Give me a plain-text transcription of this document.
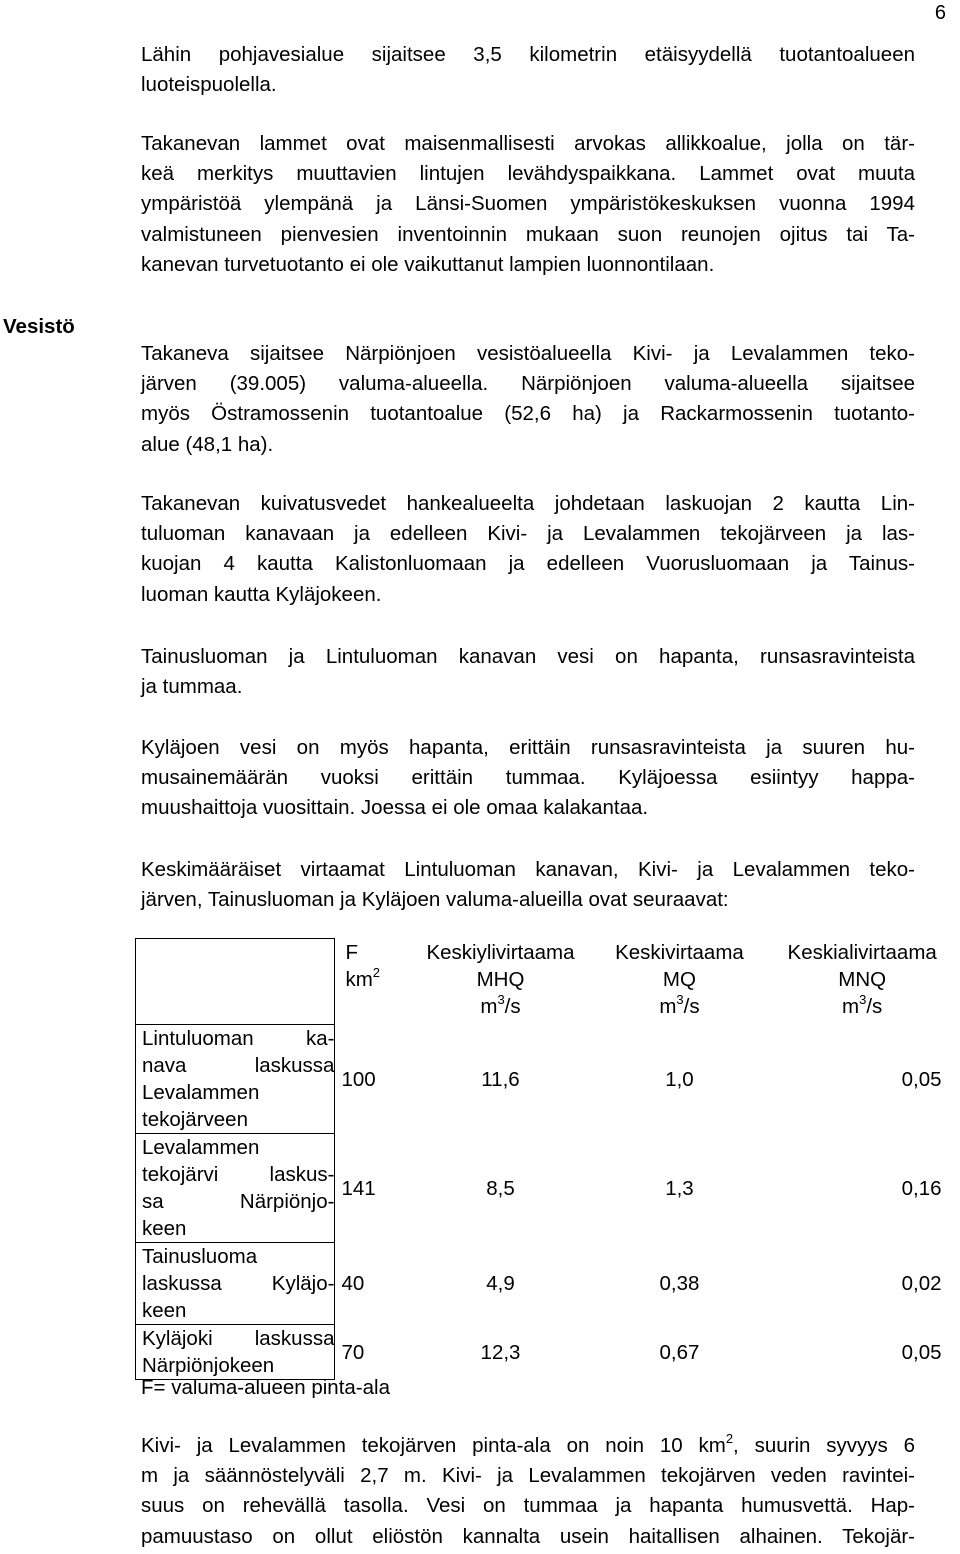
6
Vesistö

Lähin pohjavesialue sijaitsee 3,5 kilometrin etäisyydellä tuotantoalueen
luoteispuolella.

Takanevan lammet ovat maisenmallisesti arvokas allikkoalue, jolla on tär-
keä merkitys muuttavien lintujen levähdyspaikkana. Lammet ovat muuta
ympäristöä ylempänä ja Länsi-Suomen ympäristökeskuksen vuonna 1994
valmistuneen pienvesien inventoinnin mukaan suon reunojen ojitus tai Ta-
kanevan turvetuotanto ei ole vaikuttanut lampien luonnontilaan.

Takaneva sijaitsee Närpiönjoen vesistöalueella Kivi- ja Levalammen teko-
järven (39.005) valuma-alueella. Närpiönjoen valuma-alueella sijaitsee
myös Östramossenin tuotantoalue (52,6 ha) ja Rackarmossenin tuotanto-
alue (48,1 ha).

Takanevan kuivatusvedet hankealueelta johdetaan laskuojan 2 kautta Lin-
tuluoman kanavaan ja edelleen Kivi- ja Levalammen tekojärveen ja las-
kuojan 4 kautta Kalistonluomaan ja edelleen Vuorusluomaan ja Tainus-
luoman kautta Kyläjokeen.

Tainusluoman ja Lintuluoman kanavan vesi on hapanta, runsasravinteista
ja tummaa.

Kyläjoen vesi on myös hapanta, erittäin runsasravinteista ja suuren hu-
musainemäärän vuoksi erittäin tummaa. Kyläjoessa esiintyy happa-
muushaittoja vuosittain. Joessa ei ole omaa kalakantaa.

Keskimääräiset virtaamat Lintuluoman kanavan, Kivi- ja Levalammen teko-
järven, Tainusluoman ja Kyläjoen valuma-alueilla ovat seuraavat:

	F
$km^2$	Keskiylivirtaama
MHQ
$m^3/s$	Keskivirtaama
MQ
$m^3/s$	Keskialivirtaama
MNQ
$m^3/s$

Lintuluoman ka-
nava laskussa
Levalammen
tekojärveen	100	11,6	1,0	0,05

Levalammen
tekojärvi laskus-
sa Närpiönjo-
keen	141	8,5	1,3	0,16

Tainusluoma
laskussa Kyläjo-
keen	40	4,9	0,38	0,02

Kyläjoki laskussa
Närpiönjokeen	70	12,3	0,67	0,05
F= valuma-alueen pinta-ala

Kivi- ja Levalammen tekojärven pinta-ala on noin 10 $km^2$, suurin syvyys 6
m ja säännöstelyväli 2,7 m. Kivi- ja Levalammen tekojärven veden ravintei-
suus on rehevällä tasolla. Vesi on tummaa ja hapanta humusvettä. Hap-
pamuustaso on ollut eliöstön kannalta usein haitallisen alhainen. Tekojär-
